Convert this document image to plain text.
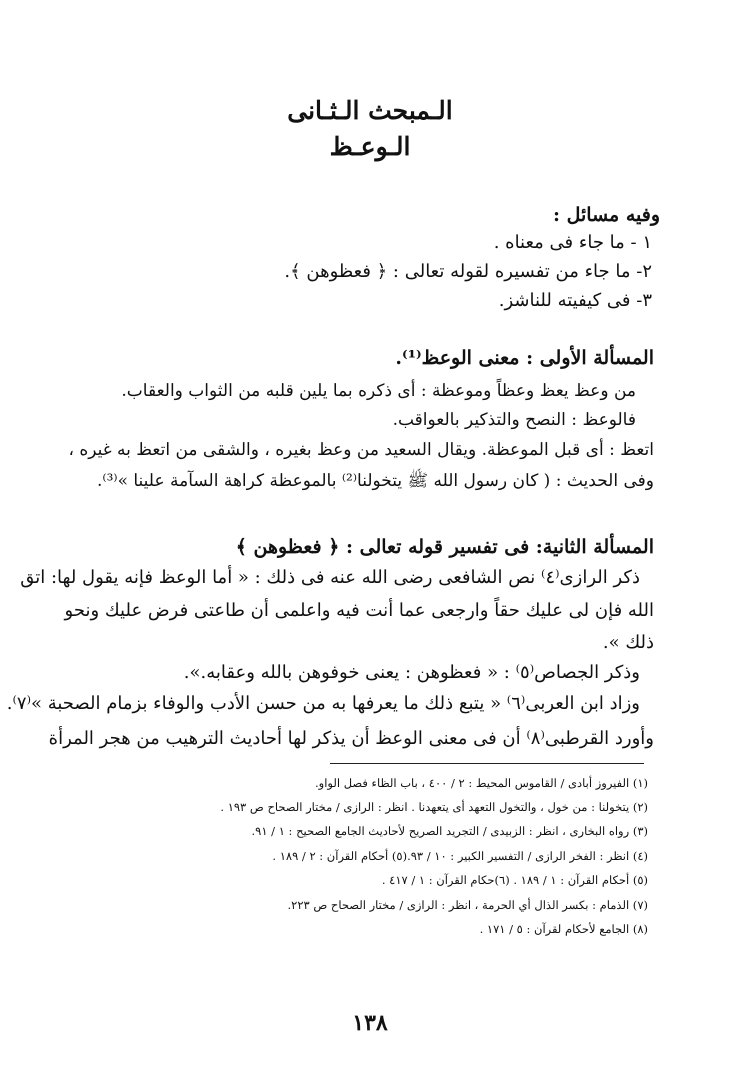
الـمبحث الـثـانى
الـوعـظ
وفيه مسائل :
١ - ما جاء فى معناه .
٢- ما جاء من تفسيره لقوله تعالى : ﴿ فعظوهن ﴾.
٣- فى كيفيته للناشز.
المسألة الأولى : معنى الوعظ⁽¹⁾.
من وعظ يعظ وعظاً وموعظة : أى ذكره بما يلين قلبه من الثواب والعقاب.
فالوعظ : النصح والتذكير بالعواقب.
اتعظ : أى قبل الموعظة. ويقال السعيد من وعظ بغيره ، والشقى من اتعظ به غيره ،
وفى الحديث : ( كان رسول الله ﷺ يتخولنا⁽²⁾ بالموعظة كراهة السآمة علينا »⁽³⁾.
المسألة الثانية: فى تفسير قوله تعالى : ﴿ فعظوهن ﴾
ذكر الرازى⁽٤⁾ نص الشافعى رضى الله عنه فى ذلك : « أما الوعظ فإنه يقول لها: اتق
الله فإن لى عليك حقاً وارجعى عما أنت فيه واعلمى أن طاعتى فرض عليك ونحو
ذلك ».
وذكر الجصاص⁽٥⁾ : « فعظوهن : يعنى خوفوهن بالله وعقابه.».
وزاد ابن العربى⁽٦⁾ « يتبع ذلك ما يعرفها به من حسن الأدب والوفاء بزمام الصحبة »⁽٧⁾.
وأورد القرطبى⁽٨⁾ أن فى معنى الوعظ أن يذكر لها أحاديث الترهيب من هجر المرأة
(١) الفيروز أبادى / القاموس المحيط : ٢ / ٤٠٠ ، باب الظاء فصل الواو.
(٢) يتخولنا : من خول ، والتخول التعهد أى يتعهدنا . انظر : الرازى / مختار الصحاح ص ١٩٣ .
(٣) رواه البخارى ، انظر : الزبيدى / التجريد الصريح لأحاديث الجامع الصحيح : ١ / ٩١.
(٤) انظر : الفخر الرازى / التفسير الكبير : ١٠ / ٩٣.(٥) أحكام القرآن : ٢ / ١٨٩ .
(٥) أحكام القرآن : ١ / ١٨٩ . (٦)حكام القرآن : ١ / ٤١٧ .
(٧) الذمام : بكسر الذال أي الحرمة ، انظر : الرازى / مختار الصحاح ص ٢٢٣.
(٨) الجامع لأحكام لقرآن : ٥ / ١٧١ .
١٣٨
